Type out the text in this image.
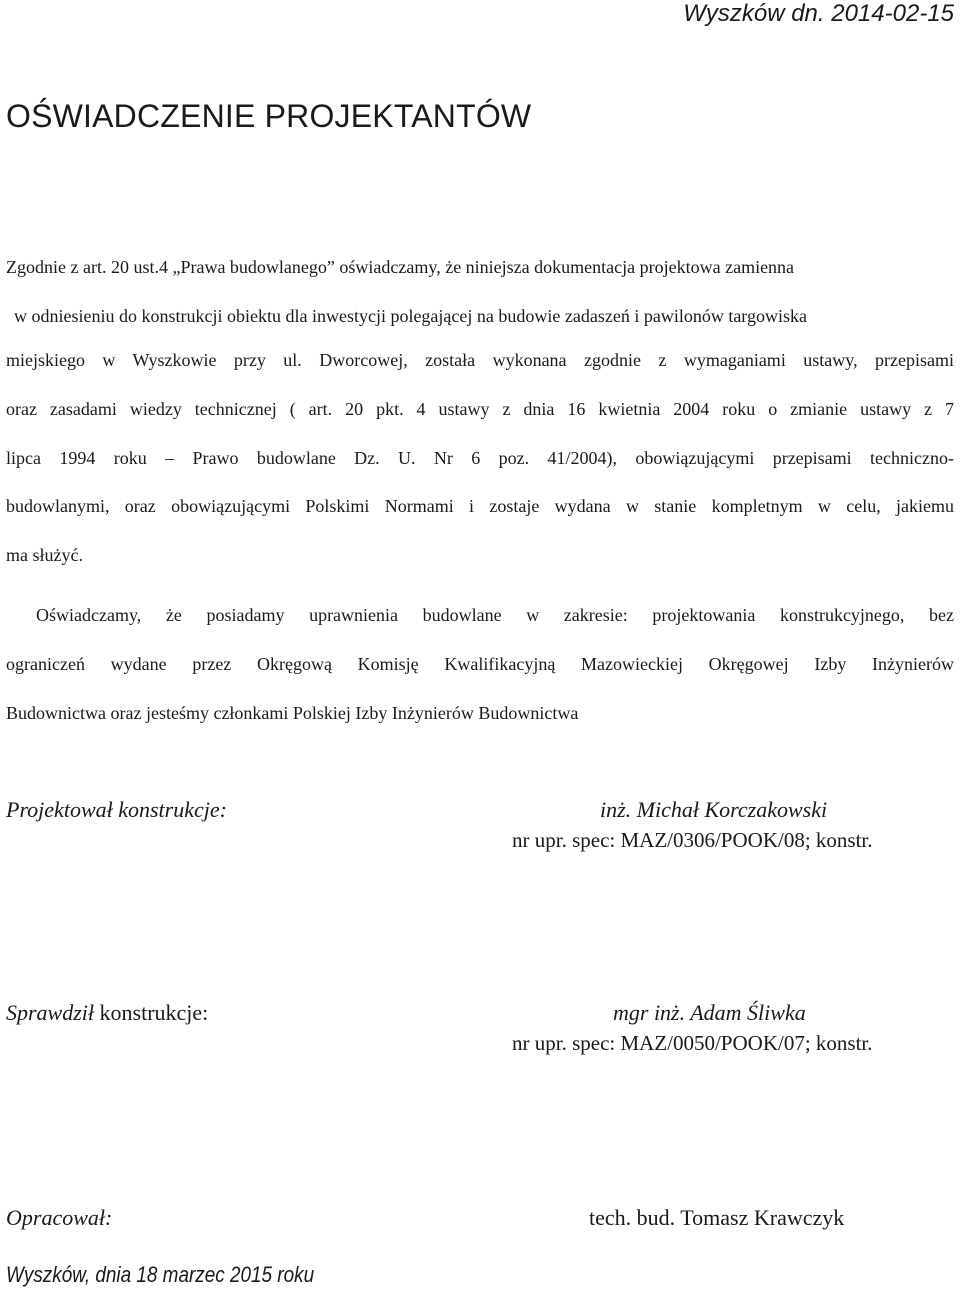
Wyszków dn. 2014-02-15
OŚWIADCZENIE PROJEKTANTÓW
Zgodnie z art. 20 ust.4 „Prawa budowlanego” oświadczamy, że niniejsza dokumentacja projektowa zamienna
w odniesieniu do konstrukcji obiektu dla inwestycji polegającej na budowie zadaszeń i pawilonów targowiska
miejskiego w Wyszkowie przy ul. Dworcowej, została wykonana zgodnie z wymaganiami ustawy, przepisami
oraz zasadami wiedzy technicznej ( art. 20 pkt. 4 ustawy z dnia 16 kwietnia 2004 roku o zmianie ustawy z 7
lipca 1994 roku – Prawo budowlane Dz. U. Nr 6 poz. 41/2004), obowiązującymi przepisami techniczno-
budowlanymi, oraz obowiązującymi Polskimi Normami i zostaje wydana w stanie kompletnym w celu, jakiemu
ma służyć.
Oświadczamy, że posiadamy uprawnienia budowlane w zakresie: projektowania konstrukcyjnego, bez
ograniczeń wydane przez Okręgową Komisję Kwalifikacyjną Mazowieckiej Okręgowej Izby Inżynierów
Budownictwa oraz jesteśmy członkami Polskiej Izby Inżynierów Budownictwa
Projektował konstrukcje:	inż. Michał Korczakowski
nr upr. spec: MAZ/0306/POOK/08; konstr.
Sprawdził konstrukcje:	mgr inż. Adam Śliwka
nr upr. spec: MAZ/0050/POOK/07; konstr.
Opracował:	tech. bud. Tomasz Krawczyk
Wyszków, dnia 18 marzec 2015 roku
